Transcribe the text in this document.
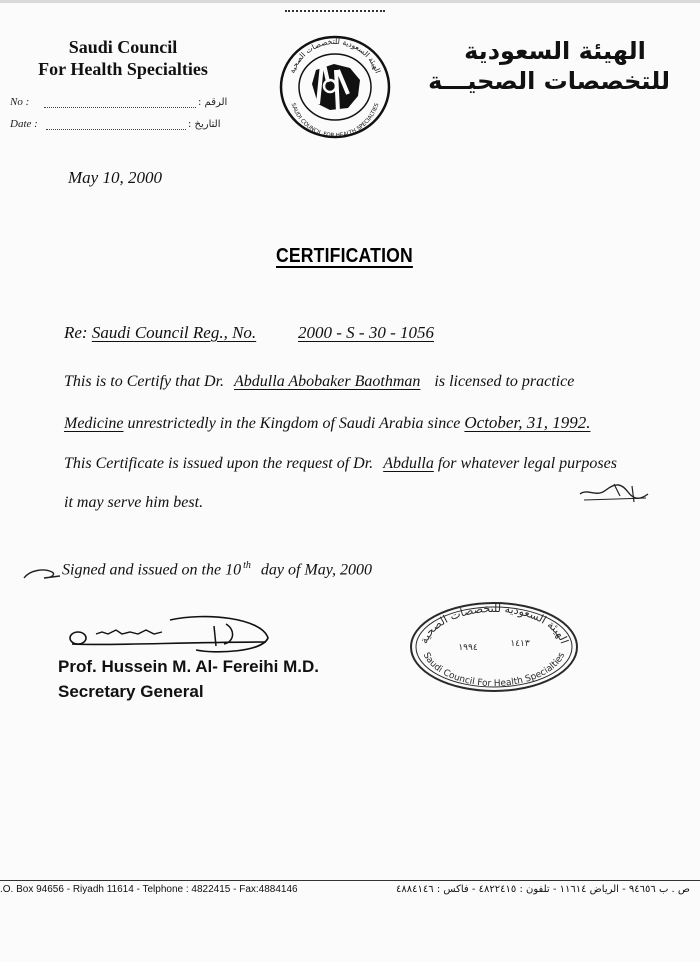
Saudi Council
For Health Specialties
الهيئة السعودية
للتخصصات الصحيـــة
الهيئة السعودية للتخصصات الصحية
SAUDI COUNCIL FOR HEALTH SPECIALTIES
No :	الرقم :
Date :	التاريخ :
May 10, 2000
CERTIFICATION
Re: Saudi Council Reg., No. 2000 - S - 30 - 1056
This is to Certify that Dr. Abdulla Abobaker Baothman is licensed to practice
Medicine unrestrictedly in the Kingdom of Saudi Arabia since October, 31, 1992.
This Certificate is issued upon the request of Dr. Abdulla for whatever legal purposes
it may serve him best.
Signed and issued on the 10 $^{th}$ day of May, 2000
Prof. Hussein M. Al- Fereihi M.D.
Secretary General
الهيئة السعودية للتخصصات الصحية
Saudi Council For Health Specialties
١٩٩٤	١٤١٣
.O. Box 94656 - Riyadh 11614 - Telphone : 4822415 - Fax:4884146	ص . ب ٩٤٦٥٦ - الرياض ١١٦١٤ - تلفون : ٤٨٢٢٤١٥ - فاكس : ٤٨٨٤١٤٦
